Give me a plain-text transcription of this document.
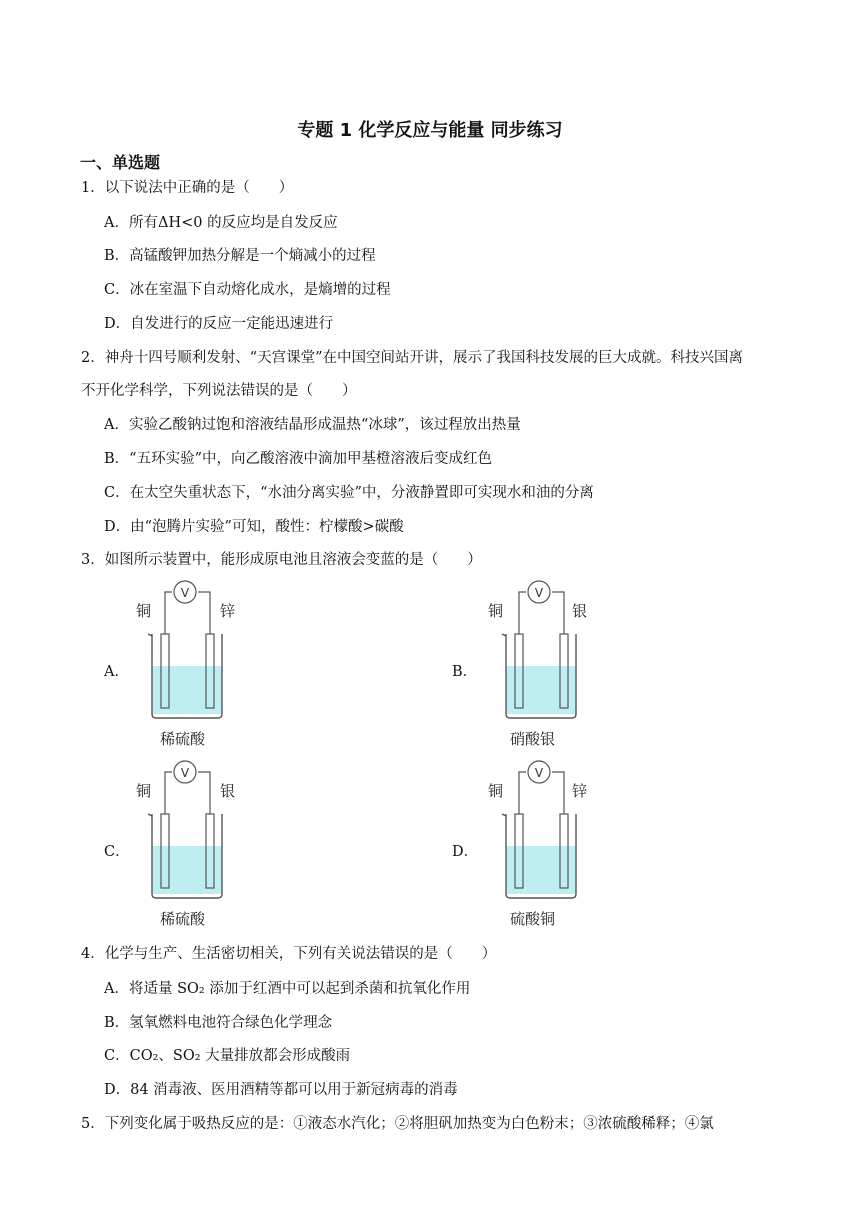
专题 1 化学反应与能量 同步练习
一、单选题
1．以下说法中正确的是（　　）
A．所有ΔH<0 的反应均是自发反应
B．高锰酸钾加热分解是一个熵减小的过程
C．冰在室温下自动熔化成水，是熵增的过程
D．自发进行的反应一定能迅速进行
2．神舟十四号顺利发射、“天宫课堂”在中国空间站开讲，展示了我国科技发展的巨大成就。科技兴国离
不开化学科学，下列说法错误的是（　　）
A．实验乙酸钠过饱和溶液结晶形成温热“冰球”，该过程放出热量
B．“五环实验”中，向乙酸溶液中滴加甲基橙溶液后变成红色
C．在太空失重状态下，“水油分离实验”中，分液静置即可实现水和油的分离
D．由“泡腾片实验”可知，酸性：柠檬酸>碳酸
3．如图所示装置中，能形成原电池且溶液会变蓝的是（　　）
A．
V
铜	锌
稀硫酸
B．
V
铜	银
硝酸银
C．
V
铜	银
稀硫酸
D．
V
铜	锌
硫酸铜
4．化学与生产、生活密切相关，下列有关说法错误的是（　　）
A．将适量 SO₂ 添加于红酒中可以起到杀菌和抗氧化作用
B．氢氧燃料电池符合绿色化学理念
C．CO₂、SO₂ 大量排放都会形成酸雨
D．84 消毒液、医用酒精等都可以用于新冠病毒的消毒
5．下列变化属于吸热反应的是：①液态水汽化；②将胆矾加热变为白色粉末；③浓硫酸稀释；④氯
